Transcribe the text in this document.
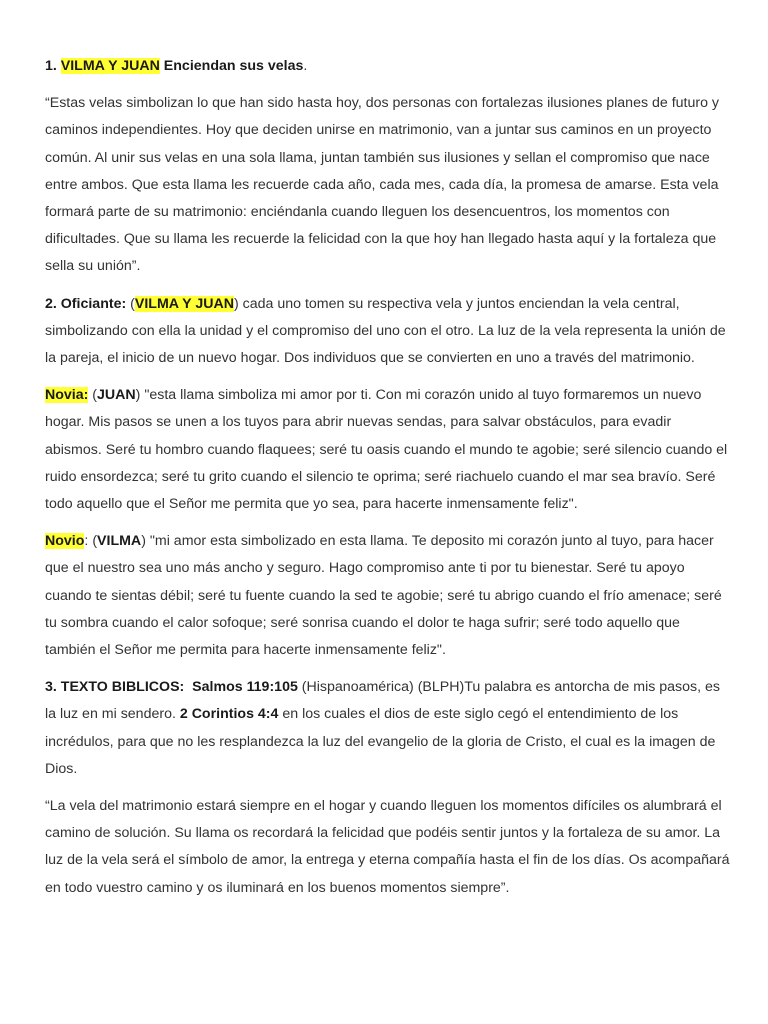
1. VILMA Y JUAN Enciendan sus velas.

“Estas velas simbolizan lo que han sido hasta hoy, dos personas con fortalezas ilusiones planes de futuro y caminos independientes. Hoy que deciden unirse en matrimonio, van a juntar sus caminos en un proyecto común. Al unir sus velas en una sola llama, juntan también sus ilusiones y sellan el compromiso que nace entre ambos. Que esta llama les recuerde cada año, cada mes, cada día, la promesa de amarse. Esta vela formará parte de su matrimonio: enciéndanla cuando lleguen los desencuentros, los momentos con dificultades. Que su llama les recuerde la felicidad con la que hoy han llegado hasta aquí y la fortaleza que sella su unión”.

2. Oficiante: (VILMA Y JUAN) cada uno tomen su respectiva vela y juntos enciendan la vela central, simbolizando con ella la unidad y el compromiso del uno con el otro. La luz de la vela representa la unión de la pareja, el inicio de un nuevo hogar. Dos individuos que se convierten en uno a través del matrimonio.

Novia: (JUAN) "esta llama simboliza mi amor por ti. Con mi corazón unido al tuyo formaremos un nuevo hogar. Mis pasos se unen a los tuyos para abrir nuevas sendas, para salvar obstáculos, para evadir abismos. Seré tu hombro cuando flaquees; seré tu oasis cuando el mundo te agobie; seré silencio cuando el ruido ensordezca; seré tu grito cuando el silencio te oprima; seré riachuelo cuando el mar sea bravío. Seré todo aquello que el Señor me permita que yo sea, para hacerte inmensamente feliz".

Novio: (VILMA) "mi amor esta simbolizado en esta llama. Te deposito mi corazón junto al tuyo, para hacer que el nuestro sea uno más ancho y seguro. Hago compromiso ante ti por tu bienestar. Seré tu apoyo cuando te sientas débil; seré tu fuente cuando la sed te agobie; seré tu abrigo cuando el frío amenace; seré tu sombra cuando el calor sofoque; seré sonrisa cuando el dolor te haga sufrir; seré todo aquello que también el Señor me permita para hacerte inmensamente feliz".

3. TEXTO BIBLICOS: Salmos 119:105 (Hispanoamérica) (BLPH)Tu palabra es antorcha de mis pasos, es la luz en mi sendero. 2 Corintios 4:4 en los cuales el dios de este siglo cegó el entendimiento de los incrédulos, para que no les resplandezca la luz del evangelio de la gloria de Cristo, el cual es la imagen de Dios.

“La vela del matrimonio estará siempre en el hogar y cuando lleguen los momentos difíciles os alumbrará el camino de solución. Su llama os recordará la felicidad que podéis sentir juntos y la fortaleza de su amor. La luz de la vela será el símbolo de amor, la entrega y eterna compañía hasta el fin de los días. Os acompañará en todo vuestro camino y os iluminará en los buenos momentos siempre”.
